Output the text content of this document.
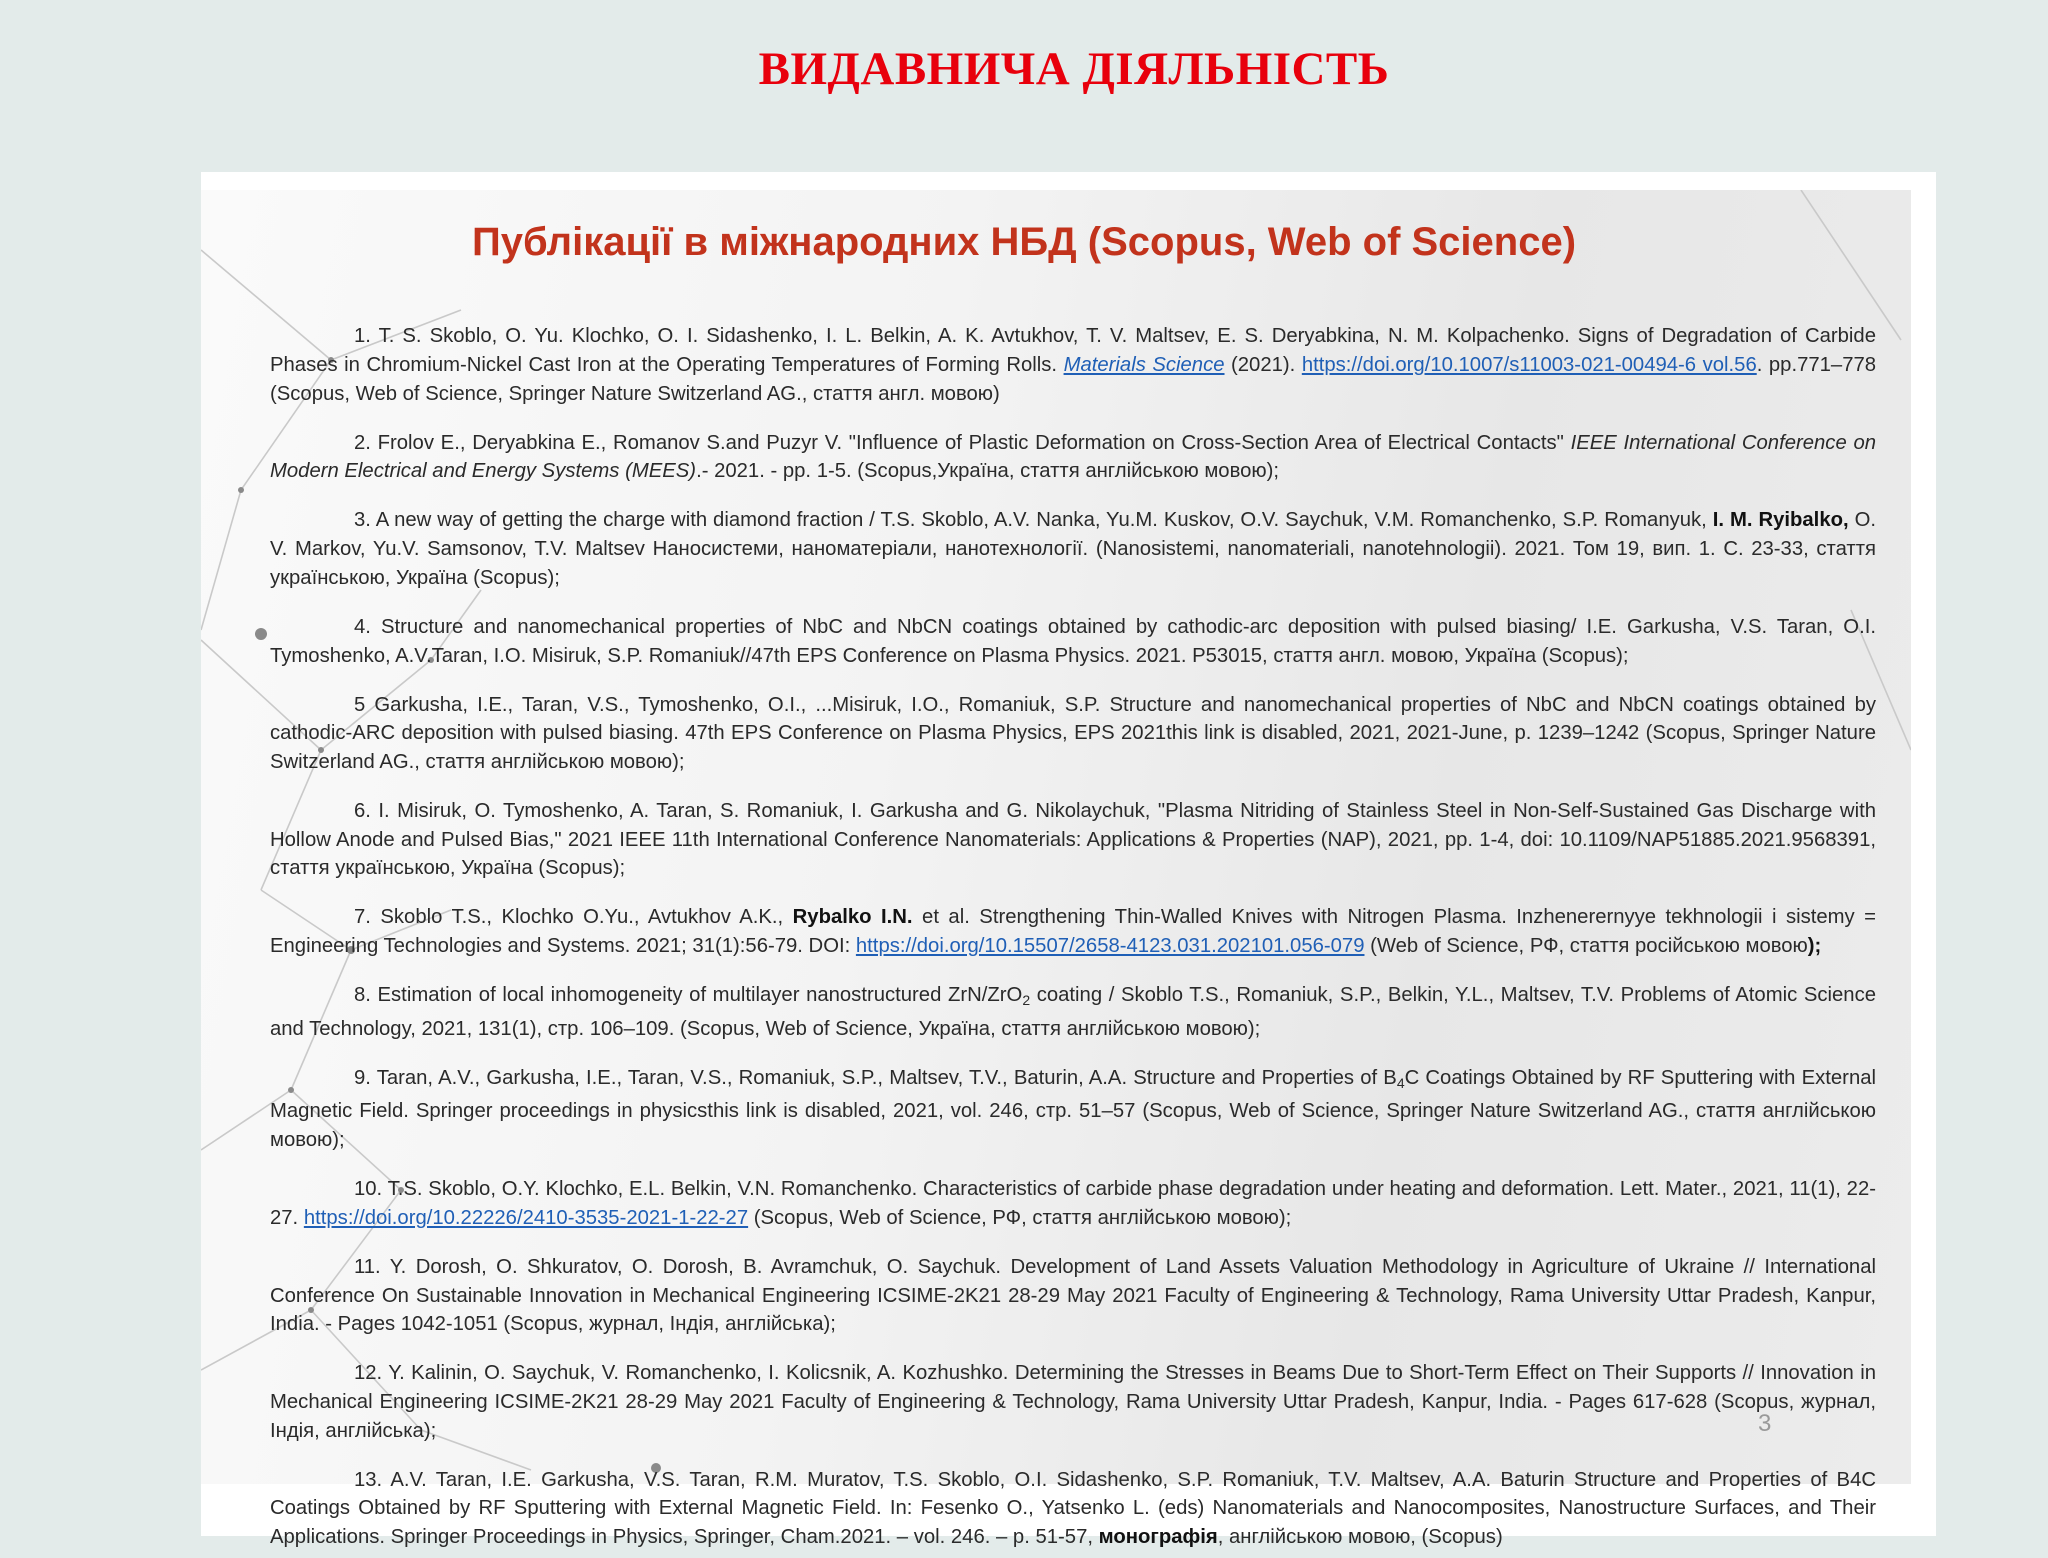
ВИДАВНИЧА ДІЯЛЬНІСТЬ
Публікації в міжнародних НБД (Scopus, Web of Science)

1. T. S. Skoblo, O. Yu. Klochko, O. I. Sidashenko, I. L. Belkin, A. K. Avtukhov, T. V. Maltsev, E. S. Deryabkina, N. M. Kolpachenko. Signs of Degradation of Carbide Phases in Chromium-Nickel Cast Iron at the Operating Temperatures of Forming Rolls. Materials Science (2021). https://doi.org/10.1007/s11003-021-00494-6 vol.56. pp.771–778 (Scopus, Web of Science, Springer Nature Switzerland AG., стаття англ. мовою)

2. Frolov E., Deryabkina E., Romanov S.and Puzyr V. "Influence of Plastic Deformation on Cross-Section Area of Electrical Contacts" IEEE International Conference on Modern Electrical and Energy Systems (MEES).- 2021. - pp. 1-5. (Scopus,Україна, стаття англійською мовою);

3. A new way of getting the charge with diamond fraction / T.S. Skoblo, A.V. Nanka, Yu.M. Kuskov, O.V. Saychuk, V.M. Romanchenko, S.P. Romanyuk, I. M. Ryibalko, O. V. Markov, Yu.V. Samsonov, T.V. Maltsev Наносистеми, наноматеріали, нанотехнології. (Nanosistemi, nanomateriali, nanotehnologii). 2021. Том 19, вип. 1. С. 23-33, стаття українською, Україна (Scopus);

4. Structure and nanomechanical properties of NbC and NbCN coatings obtained by cathodic-arc deposition with pulsed biasing/ I.E. Garkusha, V.S. Taran, O.I. Tymoshenko, A.V.Taran, I.O. Misiruk, S.P. Romaniuk//47th EPS Conference on Plasma Physics. 2021. P53015, стаття англ. мовою, Україна (Scopus);

5 Garkusha, I.E., Taran, V.S., Tymoshenko, O.I., ...Misiruk, I.O., Romaniuk, S.P. Structure and nanomechanical properties of NbC and NbCN coatings obtained by cathodic-ARC deposition with pulsed biasing. 47th EPS Conference on Plasma Physics, EPS 2021this link is disabled, 2021, 2021-June, p. 1239–1242 (Scopus, Springer Nature Switzerland AG., стаття англійською мовою);

6. I. Misiruk, O. Tymoshenko, A. Taran, S. Romaniuk, I. Garkusha and G. Nikolaychuk, "Plasma Nitriding of Stainless Steel in Non-Self-Sustained Gas Discharge with Hollow Anode and Pulsed Bias," 2021 IEEE 11th International Conference Nanomaterials: Applications & Properties (NAP), 2021, pp. 1-4, doi: 10.1109/NAP51885.2021.9568391, стаття українською, Україна (Scopus);

7. Skoblo T.S., Klochko O.Yu., Avtukhov A.K., Rybalko I.N. et al. Strengthening Thin-Walled Knives with Nitrogen Plasma. Inzhenerernyye tekhnologii i sistemy = Engineering Technologies and Systems. 2021; 31(1):56-79. DOI: https://doi.org/10.15507/2658-4123.031.202101.056-079 (Web of Science, РФ, стаття російською мовою);

8. Estimation of local inhomogeneity of multilayer nanostructured ZrN/ZrO$_2$ coating / Skoblo T.S., Romaniuk, S.P., Belkin, Y.L., Maltsev, T.V. Problems of Atomic Science and Technology, 2021, 131(1), стр. 106–109. (Scopus, Web of Science, Україна, стаття англійською мовою);

9. Taran, A.V., Garkusha, I.E., Taran, V.S., Romaniuk, S.P., Maltsev, T.V., Baturin, A.A. Structure and Properties of $B_4C$ Coatings Obtained by RF Sputtering with External Magnetic Field. Springer proceedings in physicsthis link is disabled, 2021, vol. 246, стр. 51–57 (Scopus, Web of Science, Springer Nature Switzerland AG., стаття англійською мовою);

10. T.S. Skoblo, O.Y. Klochko, E.L. Belkin, V.N. Romanchenko. Characteristics of carbide phase degradation under heating and deformation. Lett. Mater., 2021, 11(1), 22-27. https://doi.org/10.22226/2410-3535-2021-1-22-27 (Scopus, Web of Science, РФ, стаття англійською мовою);

11. Y. Dorosh, O. Shkuratov, O. Dorosh, B. Avramchuk, O. Saychuk. Development of Land Assets Valuation Methodology in Agriculture of Ukraine // International Conference On Sustainable Innovation in Mechanical Engineering ICSIME-2K21 28-29 May 2021 Faculty of Engineering & Technology, Rama University Uttar Pradesh, Kanpur, India. - Pages 1042-1051 (Scopus, журнал, Індія, англійська);

12. Y. Kalinin, O. Saychuk, V. Romanchenko, I. Kolicsnik, A. Kozhushko. Determining the Stresses in Beams Due to Short-Term Effect on Their Supports // Innovation in Mechanical Engineering ICSIME-2K21 28-29 May 2021 Faculty of Engineering & Technology, Rama University Uttar Pradesh, Kanpur, India. - Pages 617-628 (Scopus, журнал, Індія, англійська);

13. A.V. Taran, I.E. Garkusha, V.S. Taran, R.M. Muratov, T.S. Skoblo, O.I. Sidashenko, S.P. Romaniuk, T.V. Maltsev, A.A. Baturin Structure and Properties of B4C Coatings Obtained by RF Sputtering with External Magnetic Field. In: Fesenko O., Yatsenko L. (eds) Nanomaterials and Nanocomposites, Nanostructure Surfaces, and Their Applications. Springer Proceedings in Physics, Springer, Cham.2021. – vol. 246. – p. 51-57, монографія, англійською мовою, (Scopus)

3
